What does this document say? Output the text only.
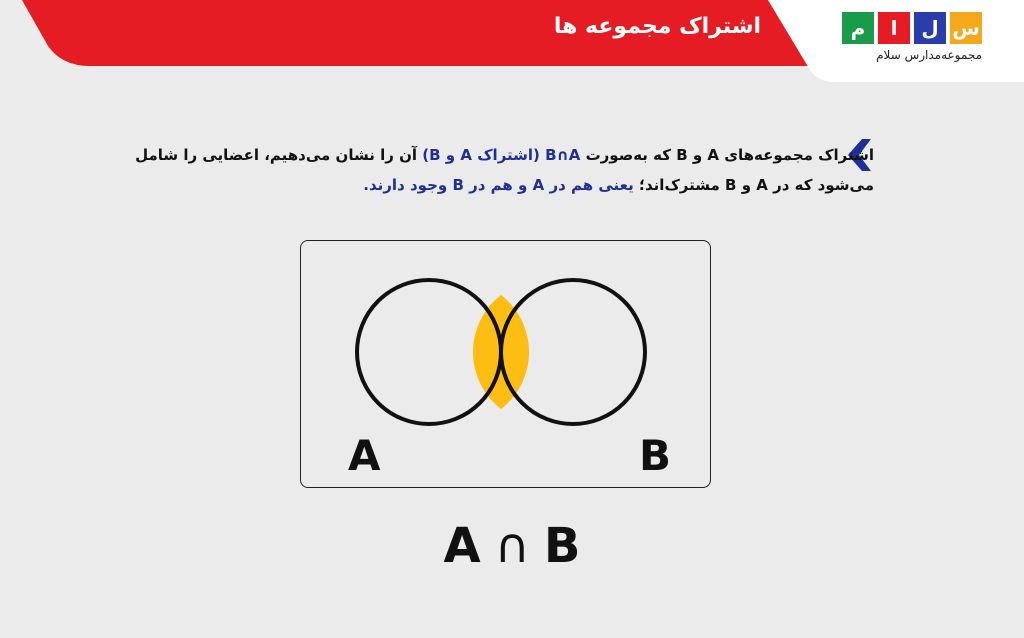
اشتراک مجموعه ها	س
ل
ا
م
مجموعه‌مدارس سلام
اشتراک مجموعه‌های A و B که به‌صورت B∩A (اشتراک A و B) آن را نشان می‌دهیم، اعضایی را شامل
می‌شود که در A و B مشترک‌اند؛ یعنی هم در A و هم در B وجود دارند.
A	B
A ∩ B
